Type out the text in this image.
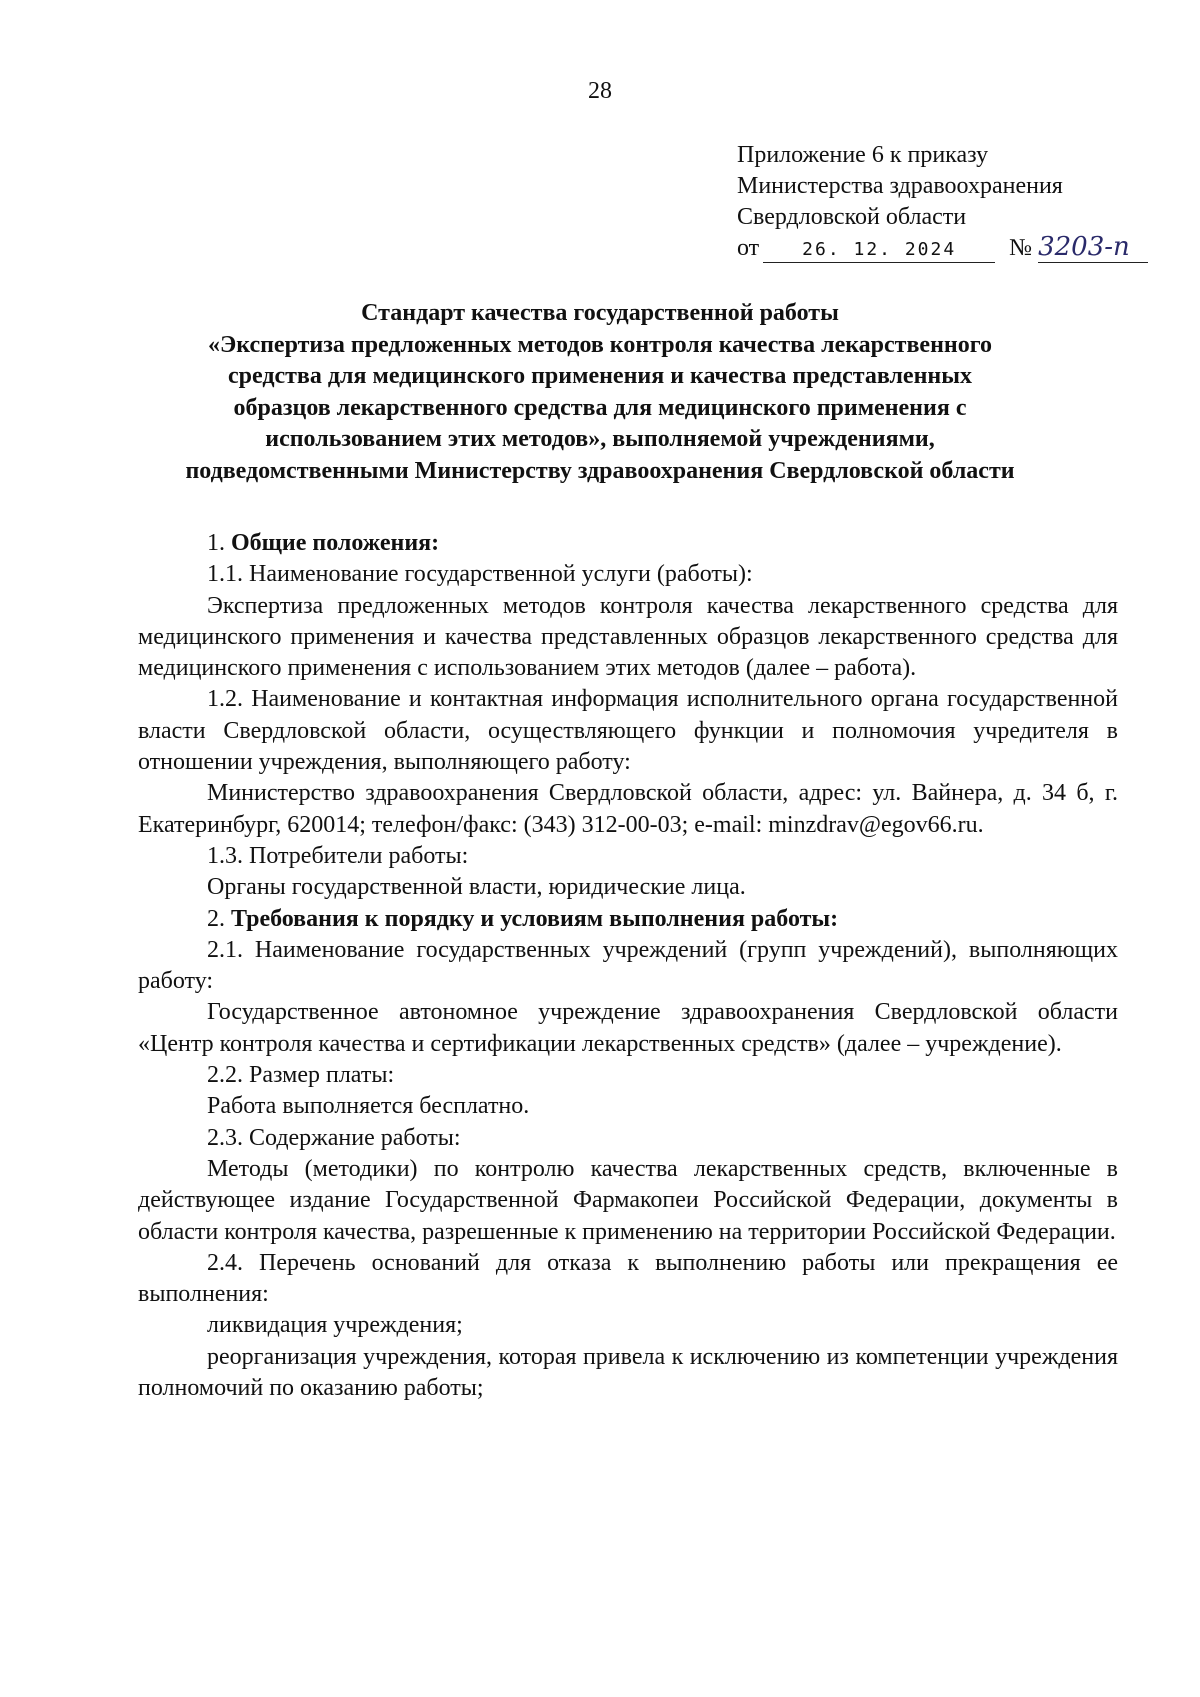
28
Приложение 6 к приказу
Министерства здравоохранения
Свердловской области
от 26. 12. 2024 № 3203-п
Стандарт качества государственной работы
«Экспертиза предложенных методов контроля качества лекарственного
средства для медицинского применения и качества представленных
образцов лекарственного средства для медицинского применения с
использованием этих методов», выполняемой учреждениями,
подведомственными Министерству здравоохранения Свердловской области

1. Общие положения:

1.1. Наименование государственной услуги (работы):

Экспертиза предложенных методов контроля качества лекарственного средства для медицинского применения и качества представленных образцов лекарственного средства для медицинского применения с использованием этих методов (далее – работа).

1.2. Наименование и контактная информация исполнительного органа государственной власти Свердловской области, осуществляющего функции и полномочия учредителя в отношении учреждения, выполняющего работу:

Министерство здравоохранения Свердловской области, адрес: ул. Вайнера, д. 34 б, г. Екатеринбург, 620014; телефон/факс: (343) 312-00-03; e-mail: minzdrav@egov66.ru.

1.3. Потребители работы:

Органы государственной власти, юридические лица.

2. Требования к порядку и условиям выполнения работы:

2.1. Наименование государственных учреждений (групп учреждений), выполняющих работу:

Государственное автономное учреждение здравоохранения Свердловской области «Центр контроля качества и сертификации лекарственных средств» (далее – учреждение).

2.2. Размер платы:

Работа выполняется бесплатно.

2.3. Содержание работы:

Методы (методики) по контролю качества лекарственных средств, включенные в действующее издание Государственной Фармакопеи Российской Федерации, документы в области контроля качества, разрешенные к применению на территории Российской Федерации.

2.4. Перечень оснований для отказа к выполнению работы или прекращения ее выполнения:

ликвидация учреждения;

реорганизация учреждения, которая привела к исключению из компетенции учреждения полномочий по оказанию работы;
